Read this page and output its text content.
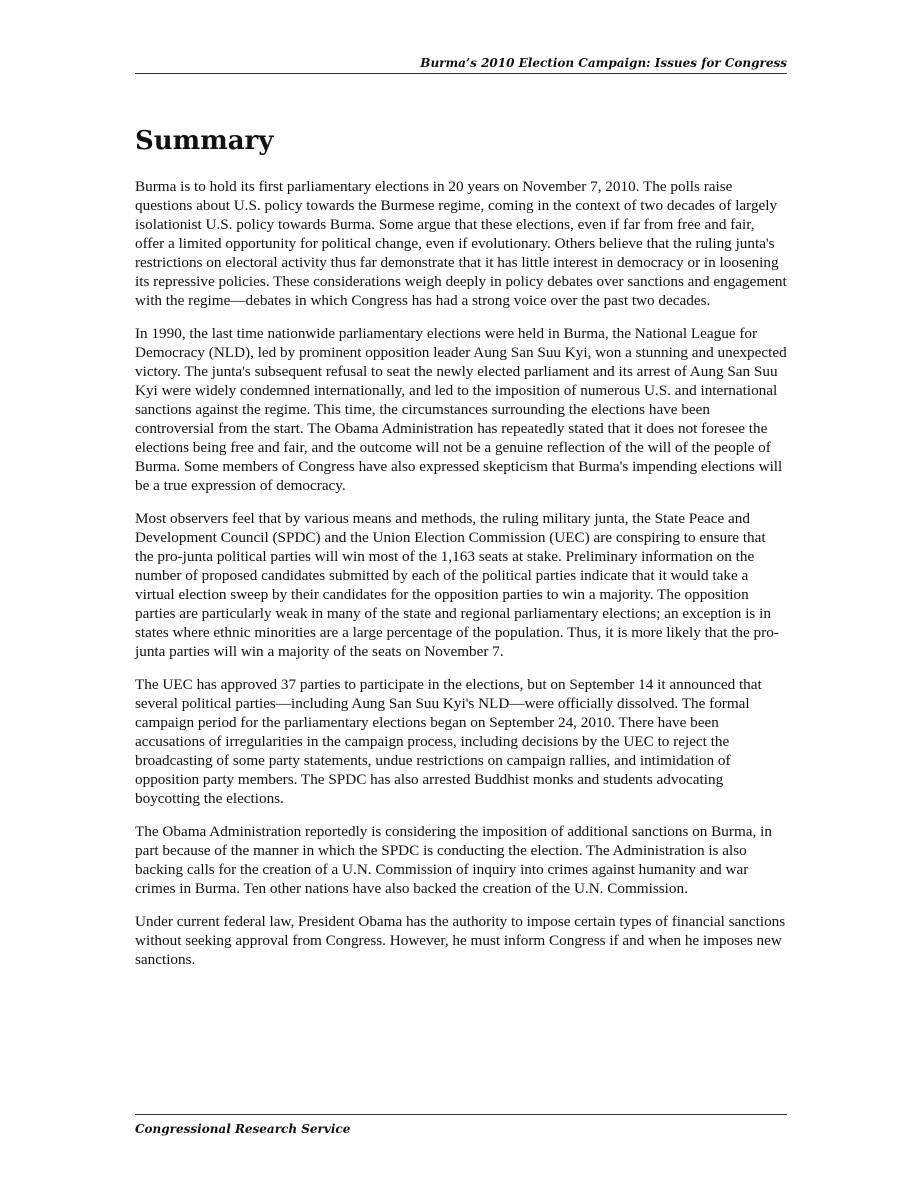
Burma’s 2010 Election Campaign: Issues for Congress
Summary

Burma is to hold its first parliamentary elections in 20 years on November 7, 2010. The polls raise questions about U.S. policy towards the Burmese regime, coming in the context of two decades of largely isolationist U.S. policy towards Burma. Some argue that these elections, even if far from free and fair, offer a limited opportunity for political change, even if evolutionary. Others believe that the ruling junta's restrictions on electoral activity thus far demonstrate that it has little interest in democracy or in loosening its repressive policies. These considerations weigh deeply in policy debates over sanctions and engagement with the regime—debates in which Congress has had a strong voice over the past two decades.

In 1990, the last time nationwide parliamentary elections were held in Burma, the National League for Democracy (NLD), led by prominent opposition leader Aung San Suu Kyi, won a stunning and unexpected victory. The junta's subsequent refusal to seat the newly elected parliament and its arrest of Aung San Suu Kyi were widely condemned internationally, and led to the imposition of numerous U.S. and international sanctions against the regime. This time, the circumstances surrounding the elections have been controversial from the start. The Obama Administration has repeatedly stated that it does not foresee the elections being free and fair, and the outcome will not be a genuine reflection of the will of the people of Burma. Some members of Congress have also expressed skepticism that Burma's impending elections will be a true expression of democracy.

Most observers feel that by various means and methods, the ruling military junta, the State Peace and Development Council (SPDC) and the Union Election Commission (UEC) are conspiring to ensure that the pro-junta political parties will win most of the 1,163 seats at stake. Preliminary information on the number of proposed candidates submitted by each of the political parties indicate that it would take a virtual election sweep by their candidates for the opposition parties to win a majority. The opposition parties are particularly weak in many of the state and regional parliamentary elections; an exception is in states where ethnic minorities are a large percentage of the population. Thus, it is more likely that the pro-junta parties will win a majority of the seats on November 7.

The UEC has approved 37 parties to participate in the elections, but on September 14 it announced that several political parties—including Aung San Suu Kyi's NLD—were officially dissolved. The formal campaign period for the parliamentary elections began on September 24, 2010. There have been accusations of irregularities in the campaign process, including decisions by the UEC to reject the broadcasting of some party statements, undue restrictions on campaign rallies, and intimidation of opposition party members. The SPDC has also arrested Buddhist monks and students advocating boycotting the elections.

The Obama Administration reportedly is considering the imposition of additional sanctions on Burma, in part because of the manner in which the SPDC is conducting the election. The Administration is also backing calls for the creation of a U.N. Commission of inquiry into crimes against humanity and war crimes in Burma. Ten other nations have also backed the creation of the U.N. Commission.

Under current federal law, President Obama has the authority to impose certain types of financial sanctions without seeking approval from Congress. However, he must inform Congress if and when he imposes new sanctions.

Congressional Research Service
